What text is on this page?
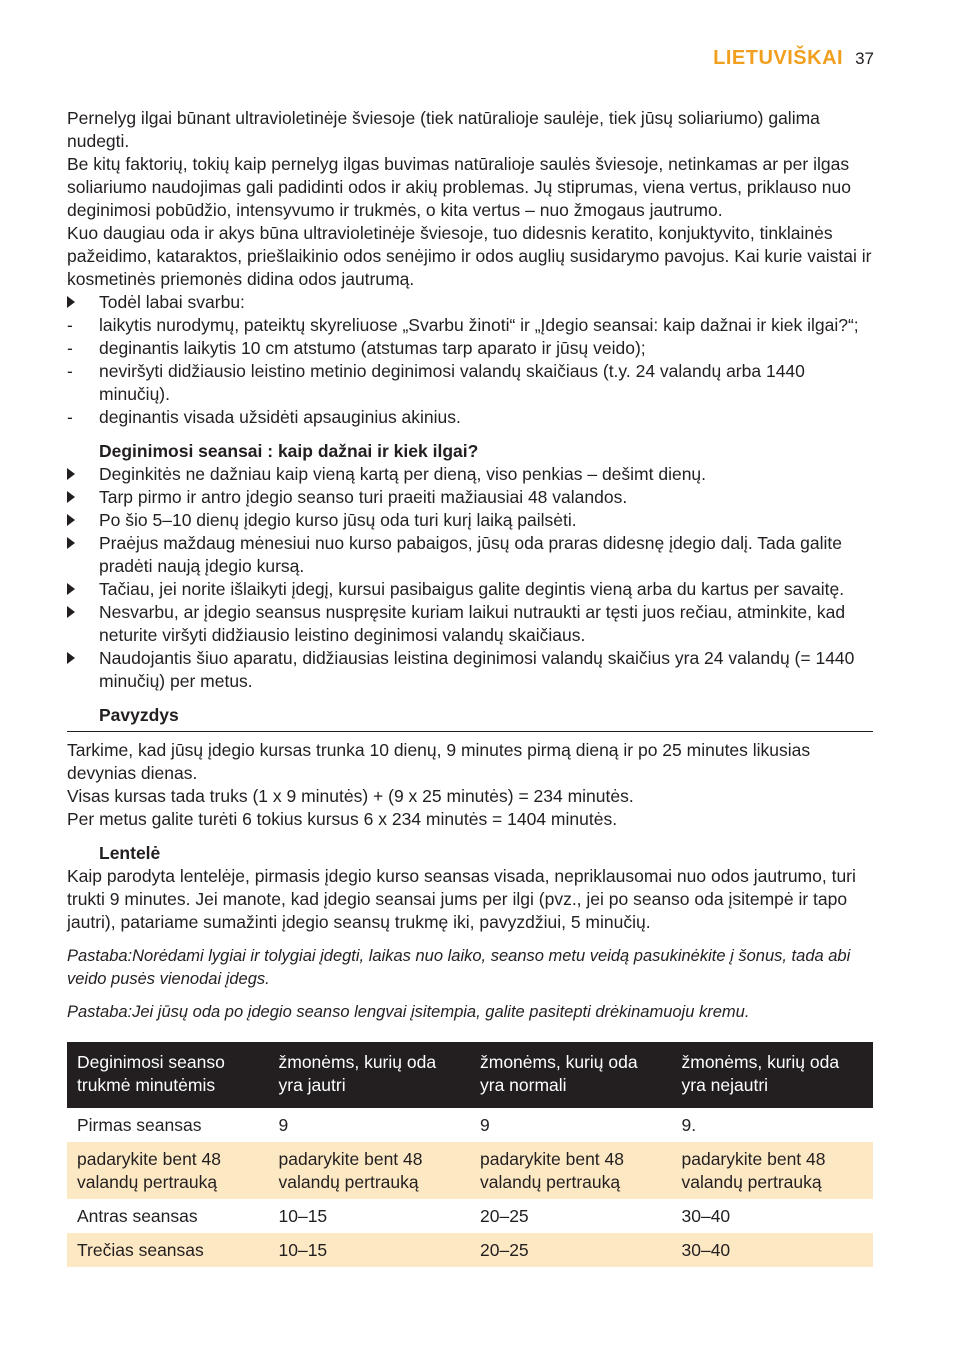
LIETUVIŠKAI 37

Pernelyg ilgai būnant ultravioletinėje šviesoje (tiek natūralioje saulėje, tiek jūsų soliariumo) galima nudegti.

Be kitų faktorių, tokių kaip pernelyg ilgas buvimas natūralioje saulės šviesoje, netinkamas ar per ilgas soliariumo naudojimas gali padidinti odos ir akių problemas. Jų stiprumas, viena vertus, priklauso nuo deginimosi pobūdžio, intensyvumo ir trukmės, o kita vertus – nuo žmogaus jautrumo.

Kuo daugiau oda ir akys būna ultravioletinėje šviesoje, tuo didesnis keratito, konjuktyvito, tinklainės pažeidimo, kataraktos, priešlaikinio odos senėjimo ir odos auglių susidarymo pavojus. Kai kurie vaistai ir kosmetinės priemonės didina odos jautrumą.

Todėl labai svarbu:
-	laikytis nurodymų, pateiktų skyreliuose „Svarbu žinoti“ ir „Įdegio seansai: kaip dažnai ir kiek ilgai?“;
-	deginantis laikytis 10 cm atstumo (atstumas tarp aparato ir jūsų veido);
-	neviršyti didžiausio leistino metinio deginimosi valandų skaičiaus (t.y. 24 valandų arba 1440 minučių).
-	deginantis visada užsidėti apsauginius akinius.

Deginimosi seansai : kaip dažnai ir kiek ilgai?

Deginkitės ne dažniau kaip vieną kartą per dieną, viso penkias – dešimt dienų.
Tarp pirmo ir antro įdegio seanso turi praeiti mažiausiai 48 valandos.
Po šio 5–10 dienų įdegio kurso jūsų oda turi kurį laiką pailsėti.
Praėjus maždaug mėnesiui nuo kurso pabaigos, jūsų oda praras didesnę įdegio dalį. Tada galite pradėti naują įdegio kursą.
Tačiau, jei norite išlaikyti įdegį, kursui pasibaigus galite degintis vieną arba du kartus per savaitę.
Nesvarbu, ar įdegio seansus nuspręsite kuriam laikui nutraukti ar tęsti juos rečiau, atminkite, kad neturite viršyti didžiausio leistino deginimosi valandų skaičiaus.
Naudojantis šiuo aparatu, didžiausias leistina deginimosi valandų skaičius yra 24 valandų (= 1440 minučių) per metus.

Pavyzdys

Tarkime, kad jūsų įdegio kursas trunka 10 dienų, 9 minutes pirmą dieną ir po 25 minutes likusias devynias dienas.

Visas kursas tada truks (1 x 9 minutės) + (9 x 25 minutės) = 234 minutės.

Per metus galite turėti 6 tokius kursus 6 x 234 minutės = 1404 minutės.

Lentelė

Kaip parodyta lentelėje, pirmasis įdegio kurso seansas visada, nepriklausomai nuo odos jautrumo, turi trukti 9 minutes. Jei manote, kad įdegio seansai jums per ilgi (pvz., jei po seanso oda įsitempė ir tapo jautri), patariame sumažinti įdegio seansų trukmę iki, pavyzdžiui, 5 minučių.

Pastaba:Norėdami lygiai ir tolygiai įdegti, laikas nuo laiko, seanso metu veidą pasukinėkite į šonus, tada abi veido pusės vienodai įdegs.

Pastaba:Jei jūsų oda po įdegio seanso lengvai įsitempia, galite pasitepti drėkinamuoju kremu.

Deginimosi seanso trukmė minutėmis	žmonėms, kurių oda yra jautri	žmonėms, kurių oda yra normali	žmonėms, kurių oda yra nejautri
Pirmas seansas	9	9	9.
padarykite bent 48 valandų pertrauką	padarykite bent 48 valandų pertrauką	padarykite bent 48 valandų pertrauką	padarykite bent 48 valandų pertrauką
Antras seansas	10–15	20–25	30–40
Trečias seansas	10–15	20–25	30–40
